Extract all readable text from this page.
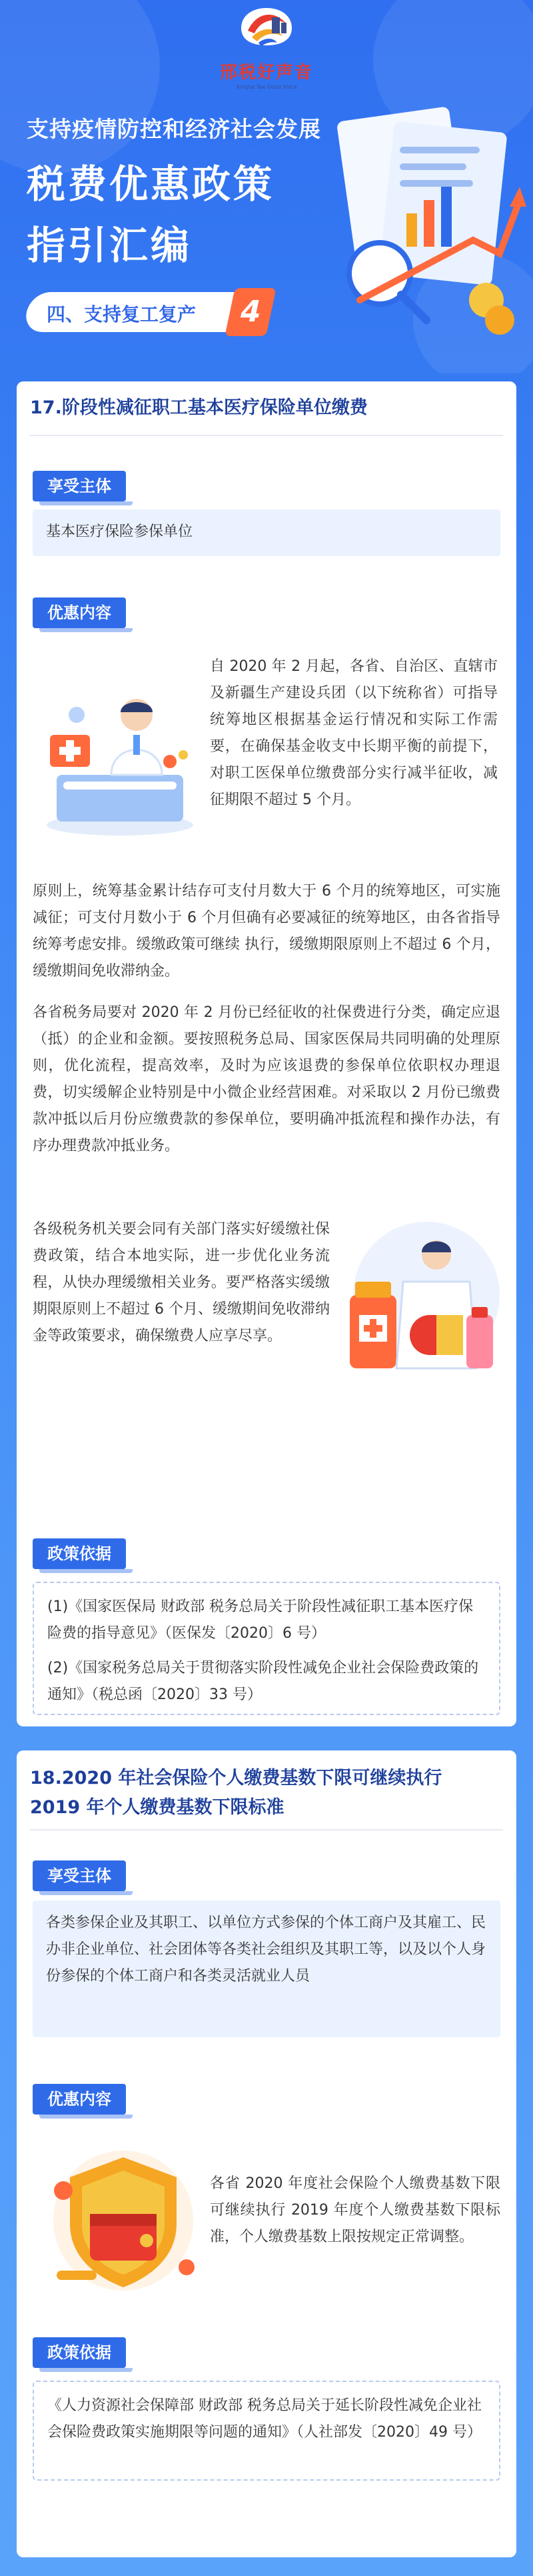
邢税好声音
Xingtai Tax Good Voice
支持疫情防控和经济社会发展
税费优惠政策
指引汇编
四、支持复工复产	4
17.阶段性减征职工基本医疗保险单位缴费
享受主体
基本医疗保险参保单位
优惠内容
自 2020 年 2 月起，各省、自治区、直辖市及新疆生产建设兵团（以下统称省）可指导统筹地区根据基金运行情况和实际工作需要，在确保基金收支中长期平衡的前提下，对职工医保单位缴费部分实行减半征收，减征期限不超过 5 个月。
原则上，统筹基金累计结存可支付月数大于 6 个月的统筹地区，可实施减征；可支付月数小于 6 个月但确有必要减征的统筹地区，由各省指导统筹考虑安排。缓缴政策可继续 执行，缓缴期限原则上不超过 6 个月，缓缴期间免收滞纳金。
各省税务局要对 2020 年 2 月份已经征收的社保费进行分类，确定应退（抵）的企业和金额。要按照税务总局、国家医保局共同明确的处理原则，优化流程，提高效率，及时为应该退费的参保单位依职权办理退费，切实缓解企业特别是中小微企业经营困难。对采取以 2 月份已缴费款冲抵以后月份应缴费款的参保单位，要明确冲抵流程和操作办法，有序办理费款冲抵业务。
各级税务机关要会同有关部门落实好缓缴社保费政策，结合本地实际，进一步优化业务流程，从快办理缓缴相关业务。要严格落实缓缴期限原则上不超过 6 个月、缓缴期间免收滞纳金等政策要求，确保缴费人应享尽享。
政策依据
(1)《国家医保局 财政部 税务总局关于阶段性减征职工基本医疗保险费的指导意见》（医保发〔2020〕6 号）
(2)《国家税务总局关于贯彻落实阶段性减免企业社会保险费政策的通知》（税总函〔2020〕33 号）
18.2020 年社会保险个人缴费基数下限可继续执行 2019 年个人缴费基数下限标准
享受主体
各类参保企业及其职工、以单位方式参保的个体工商户及其雇工、民办非企业单位、社会团体等各类社会组织及其职工等，以及以个人身份参保的个体工商户和各类灵活就业人员
优惠内容
各省 2020 年度社会保险个人缴费基数下限可继续执行 2019 年度个人缴费基数下限标准，个人缴费基数上限按规定正常调整。
政策依据
《人力资源社会保障部 财政部 税务总局关于延长阶段性减免企业社会保险费政策实施期限等问题的通知》（人社部发〔2020〕49 号）
